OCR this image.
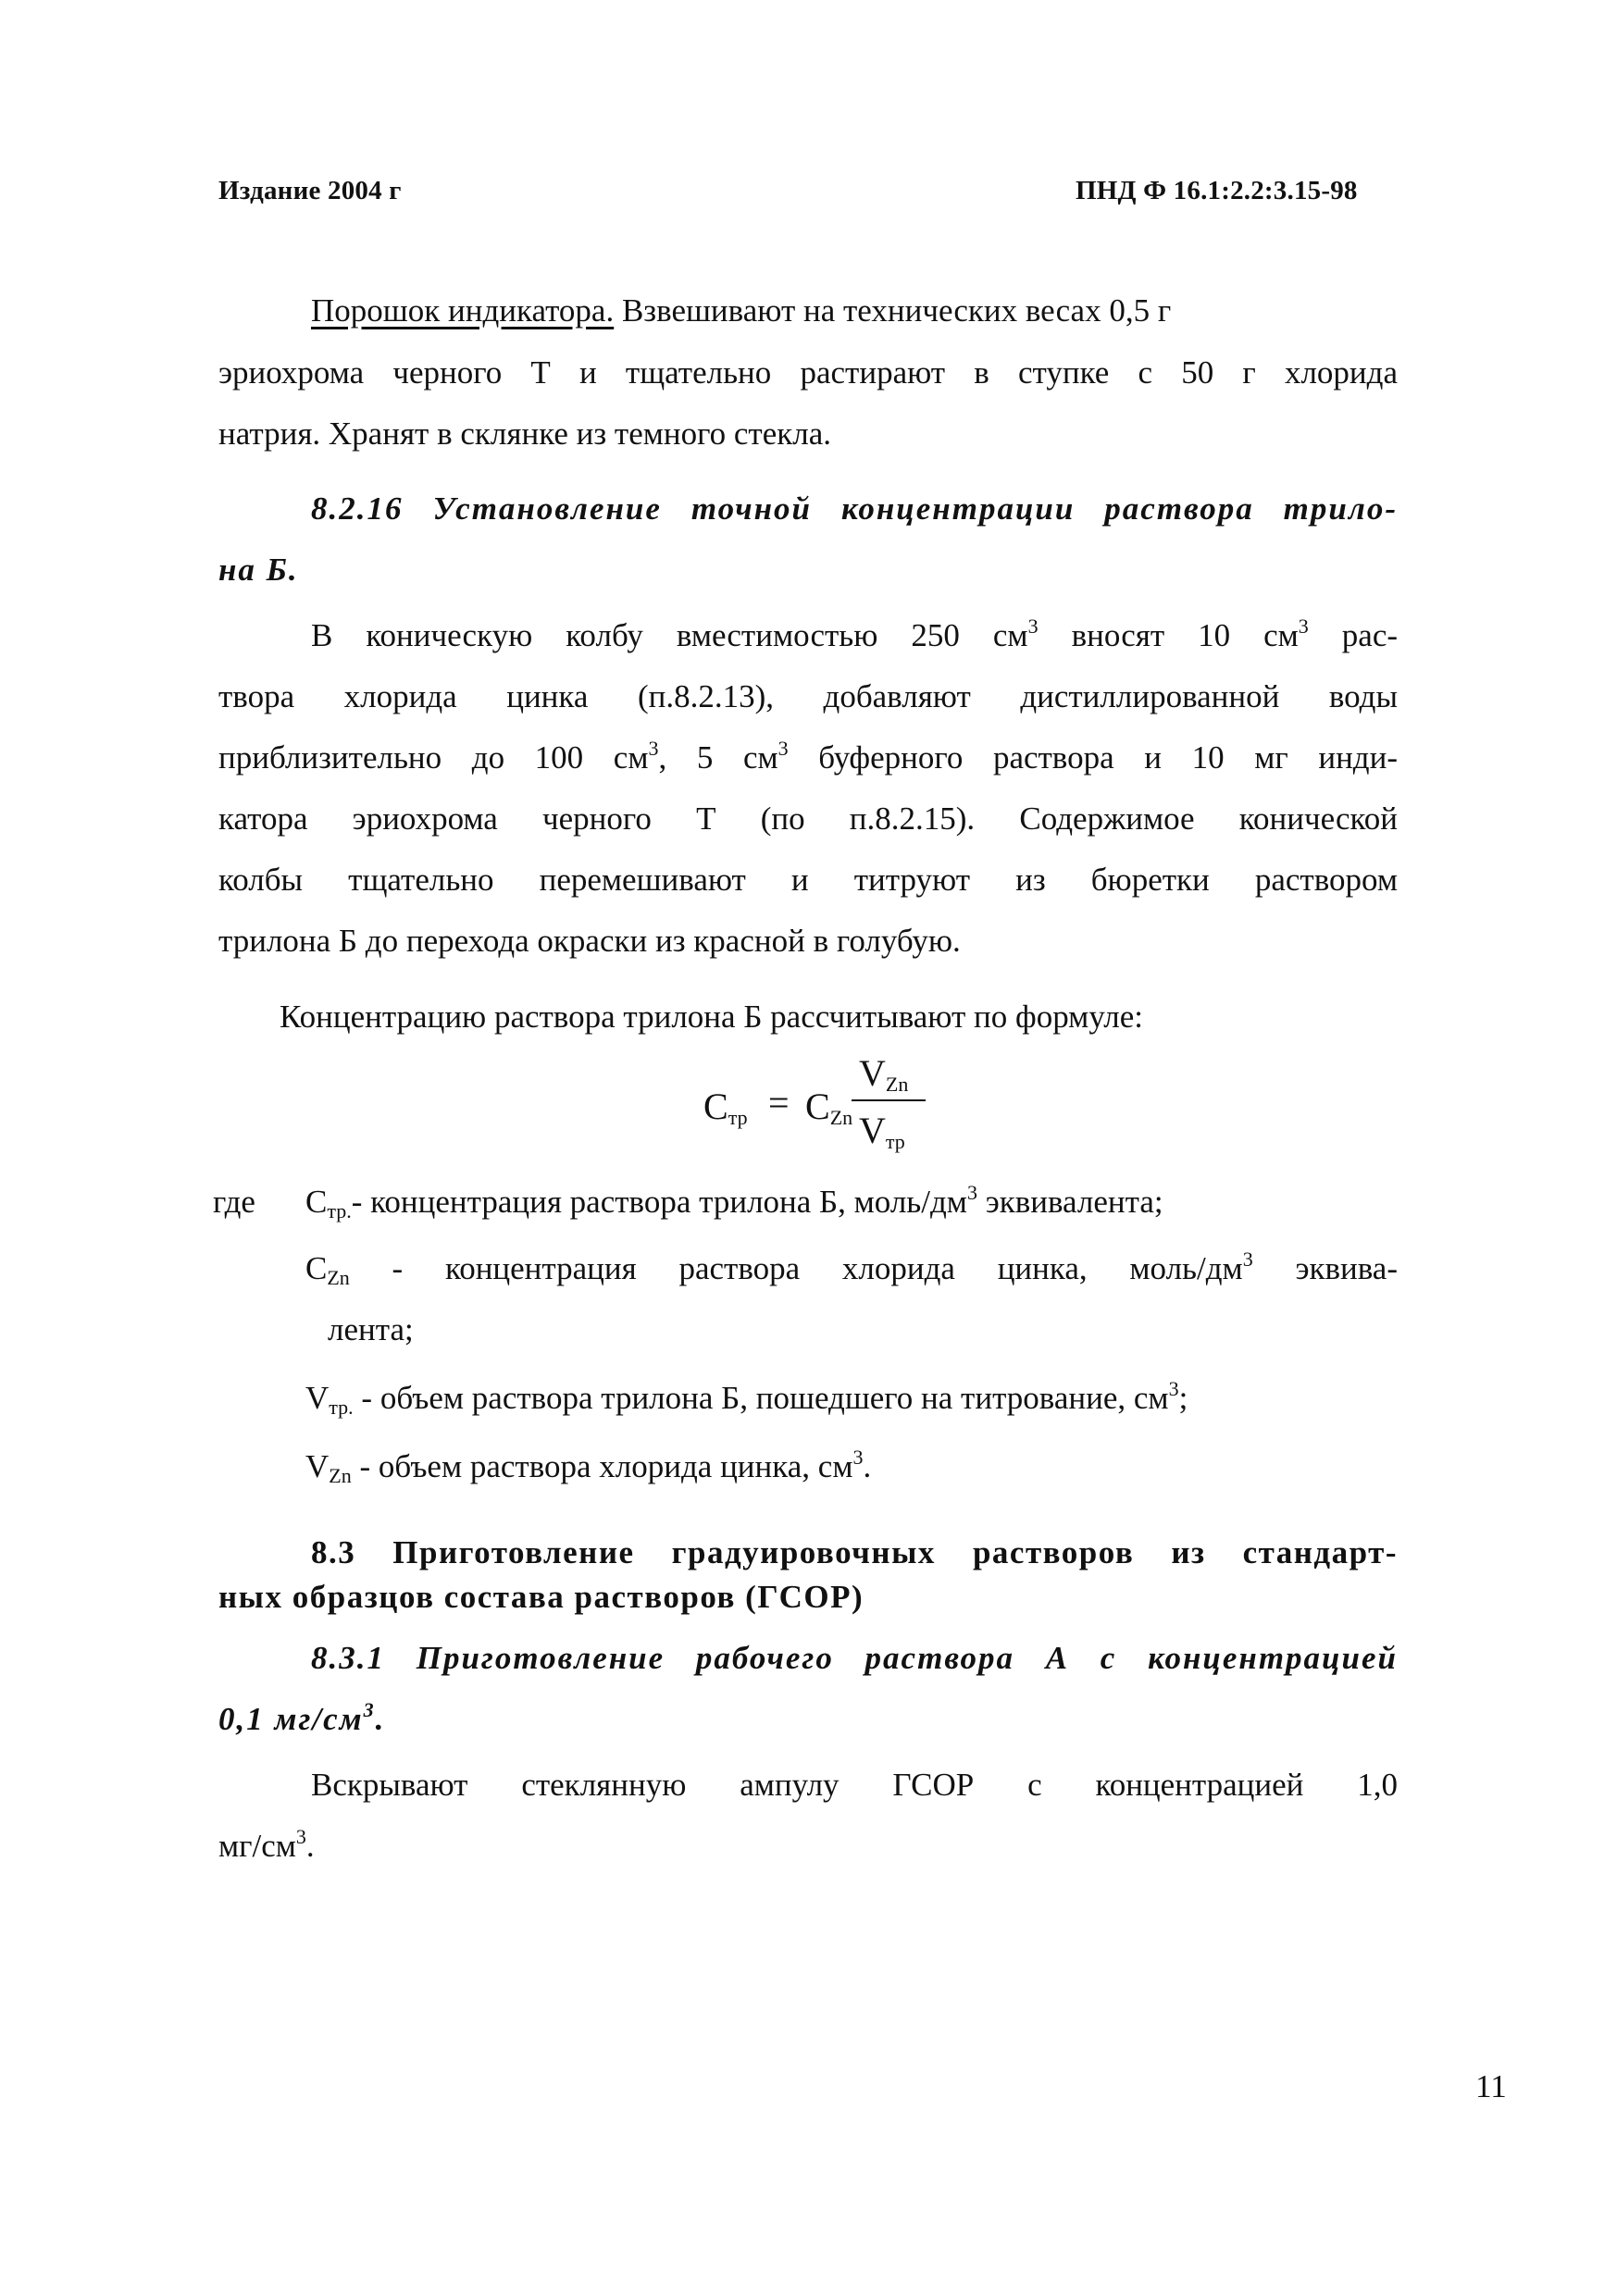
Издание 2004 г	ПНД Ф 16.1:2.2:3.15-98
Порошок индикатора. Взвешивают на технических весах 0,5 г
эриохрома черного Т и тщательно растирают в ступке с 50 г хлорида
натрия. Хранят в склянке из темного стекла.
8.2.16 Установление точной концентрации раствора трило-
на Б.
В коническую колбу вместимостью 250 $см^3$ вносят 10 $см^3$ рас-
твора хлорида цинка (п.8.2.13), добавляют дистиллированной воды
приблизительно до 100 $см^3$, 5 $см^3$ буферного раствора и 10 мг инди-
катора эриохрома черного Т (по п.8.2.15). Содержимое конической
колбы тщательно перемешивают и титруют из бюретки раствором
трилона Б до перехода окраски из красной в голубую.
Концентрацию раствора трилона Б рассчитывают по формуле:
$C_{тр} = C_{Zn}$
$V_{Zn}$
$V_{тр}$
где $C_{тр.}-$ концентрация раствора трилона Б, моль/$дм^3$ эквивалента;
$C_{Zn}$ - концентрация раствора хлорида цинка, моль/$дм^3$ эквива-
лента;
$V_{тр.}$ - объем раствора трилона Б, пошедшего на титрование, $см^3$;
$V_{Zn}$ - объем раствора хлорида цинка, $см^3$.
8.3 Приготовление градуировочных растворов из стандарт-
ных образцов состава растворов (ГСОР)
8.3.1 Приготовление рабочего раствора А с концентрацией
0,1 $мг/см^3$.
Вскрывают стеклянную ампулу ГСОР с концентрацией 1,0
$мг/см^3$.
11
